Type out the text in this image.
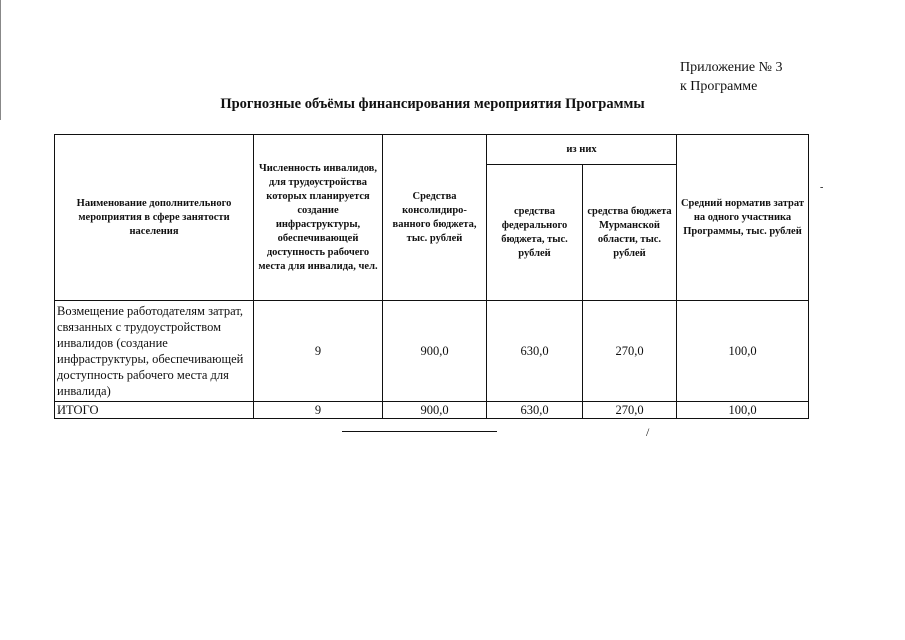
Приложение № 3
к Программе
Прогнозные объёмы финансирования мероприятия Программы
Наименование дополнительного мероприятия в сфере занятости населения	Численность инвалидов, для трудоустройства которых планируется создание инфраструктуры, обеспечивающей доступность рабочего места для инвалида, чел.	Средства консолидиро-ванного бюджета, тыс. рублей	из них		Средний норматив затрат на одного участника Программы, тыс. рублей
			средства федерального бюджета, тыс. рублей	средства бюджета Мурманской области, тыс. рублей	
Возмещение работодателям затрат, связанных с трудоустройством инвалидов (создание инфраструктуры, обеспечивающей доступность рабочего места для инвалида)	9	900,0	630,0	270,0	100,0
ИТОГО	9	900,0	630,0	270,0	100,0
/
-
